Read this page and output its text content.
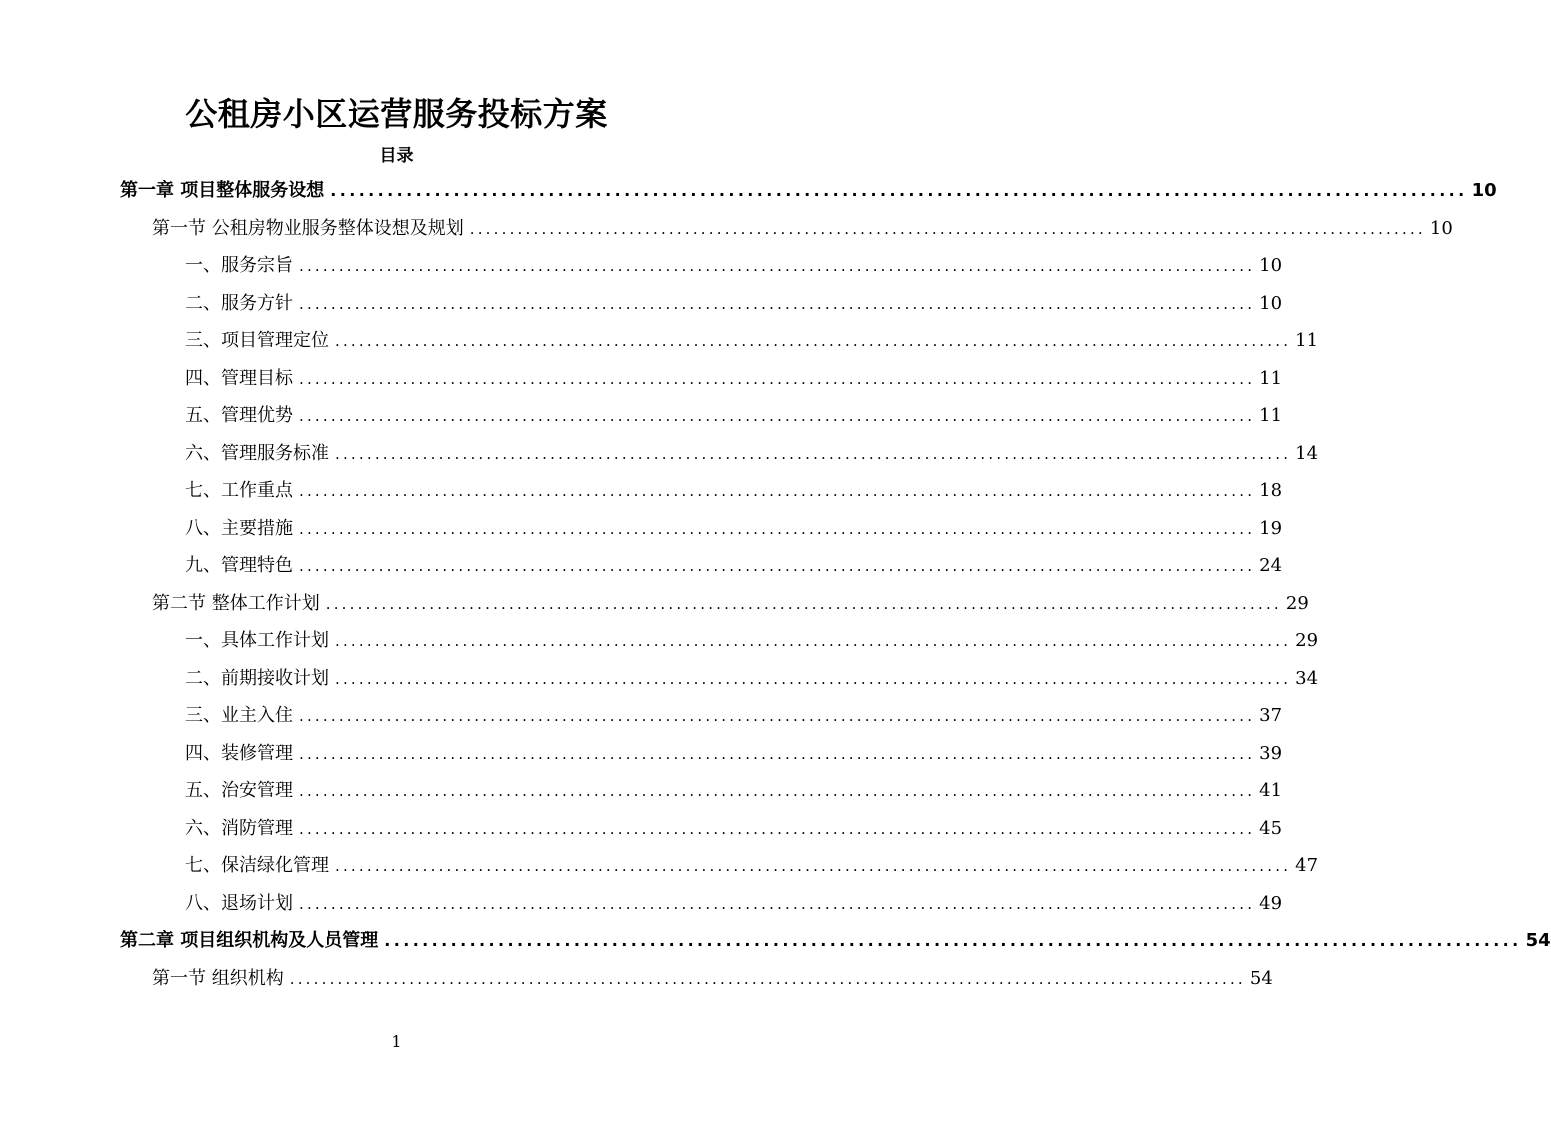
公租房小区运营服务投标方案
目录
第一章 项目整体服务设想 ........................................................................................................................ 10
第一节 公租房物业服务整体设想及规划 ........................................................................................................................ 10
一、服务宗旨 ........................................................................................................................ 10
二、服务方针 ........................................................................................................................ 10
三、项目管理定位 ........................................................................................................................ 11
四、管理目标 ........................................................................................................................ 11
五、管理优势 ........................................................................................................................ 11
六、管理服务标准 ........................................................................................................................ 14
七、工作重点 ........................................................................................................................ 18
八、主要措施 ........................................................................................................................ 19
九、管理特色 ........................................................................................................................ 24
第二节 整体工作计划 ........................................................................................................................ 29
一、具体工作计划 ........................................................................................................................ 29
二、前期接收计划 ........................................................................................................................ 34
三、业主入住 ........................................................................................................................ 37
四、装修管理 ........................................................................................................................ 39
五、治安管理 ........................................................................................................................ 41
六、消防管理 ........................................................................................................................ 45
七、保洁绿化管理 ........................................................................................................................ 47
八、退场计划 ........................................................................................................................ 49
第二章 项目组织机构及人员管理 ........................................................................................................................ 54
第一节 组织机构 ........................................................................................................................ 54
1
